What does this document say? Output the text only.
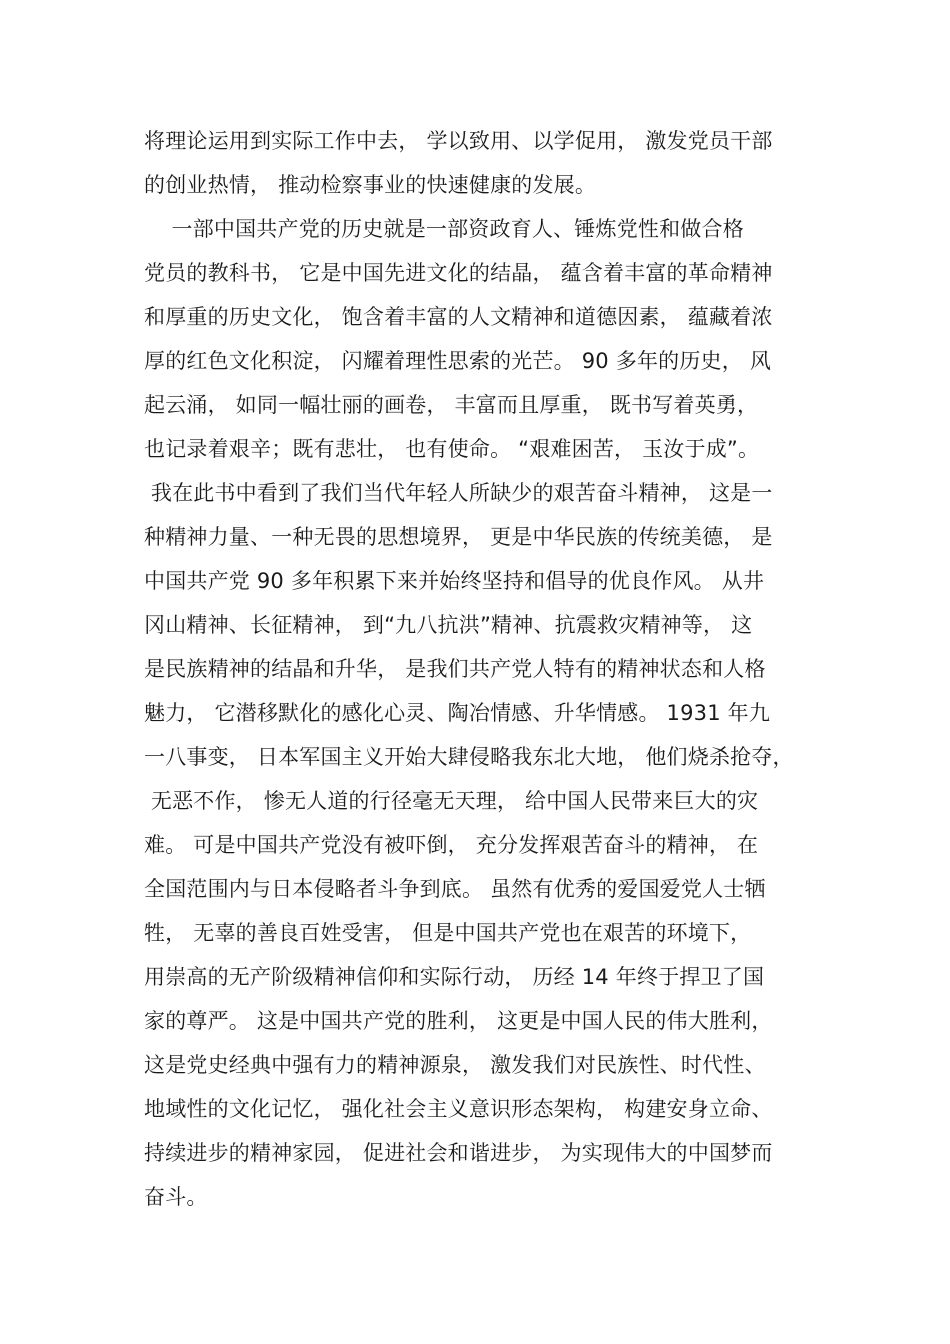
将理论运用到实际工作中去， 学以致用、以学促用， 激发党员干部
的创业热情， 推动检察事业的快速健康的发展。
一部中国共产党的历史就是一部资政育人、锤炼党性和做合格
党员的教科书， 它是中国先进文化的结晶， 蕴含着丰富的革命精神
和厚重的历史文化， 饱含着丰富的人文精神和道德因素， 蕴藏着浓
厚的红色文化积淀， 闪耀着理性思索的光芒。 90 多年的历史， 风
起云涌， 如同一幅壮丽的画卷， 丰富而且厚重， 既书写着英勇，
也记录着艰辛；既有悲壮， 也有使命。 “艰难困苦， 玉汝于成”。
我在此书中看到了我们当代年轻人所缺少的艰苦奋斗精神， 这是一
种精神力量、一种无畏的思想境界， 更是中华民族的传统美德， 是
中国共产党 90 多年积累下来并始终坚持和倡导的优良作风。 从井
冈山精神、长征精神， 到“九八抗洪”精神、抗震救灾精神等， 这
是民族精神的结晶和升华， 是我们共产党人特有的精神状态和人格
魅力， 它潜移默化的感化心灵、陶冶情感、升华情感。 1931 年九
一八事变， 日本军国主义开始大肆侵略我东北大地， 他们烧杀抢夺，
无恶不作， 惨无人道的行径毫无天理， 给中国人民带来巨大的灾
难。 可是中国共产党没有被吓倒， 充分发挥艰苦奋斗的精神， 在
全国范围内与日本侵略者斗争到底。 虽然有优秀的爱国爱党人士牺
牲， 无辜的善良百姓受害， 但是中国共产党也在艰苦的环境下，
用崇高的无产阶级精神信仰和实际行动， 历经 14 年终于捍卫了国
家的尊严。 这是中国共产党的胜利， 这更是中国人民的伟大胜利，
这是党史经典中强有力的精神源泉， 激发我们对民族性、时代性、
地域性的文化记忆， 强化社会主义意识形态架构， 构建安身立命、
持续进步的精神家园， 促进社会和谐进步， 为实现伟大的中国梦而
奋斗。
